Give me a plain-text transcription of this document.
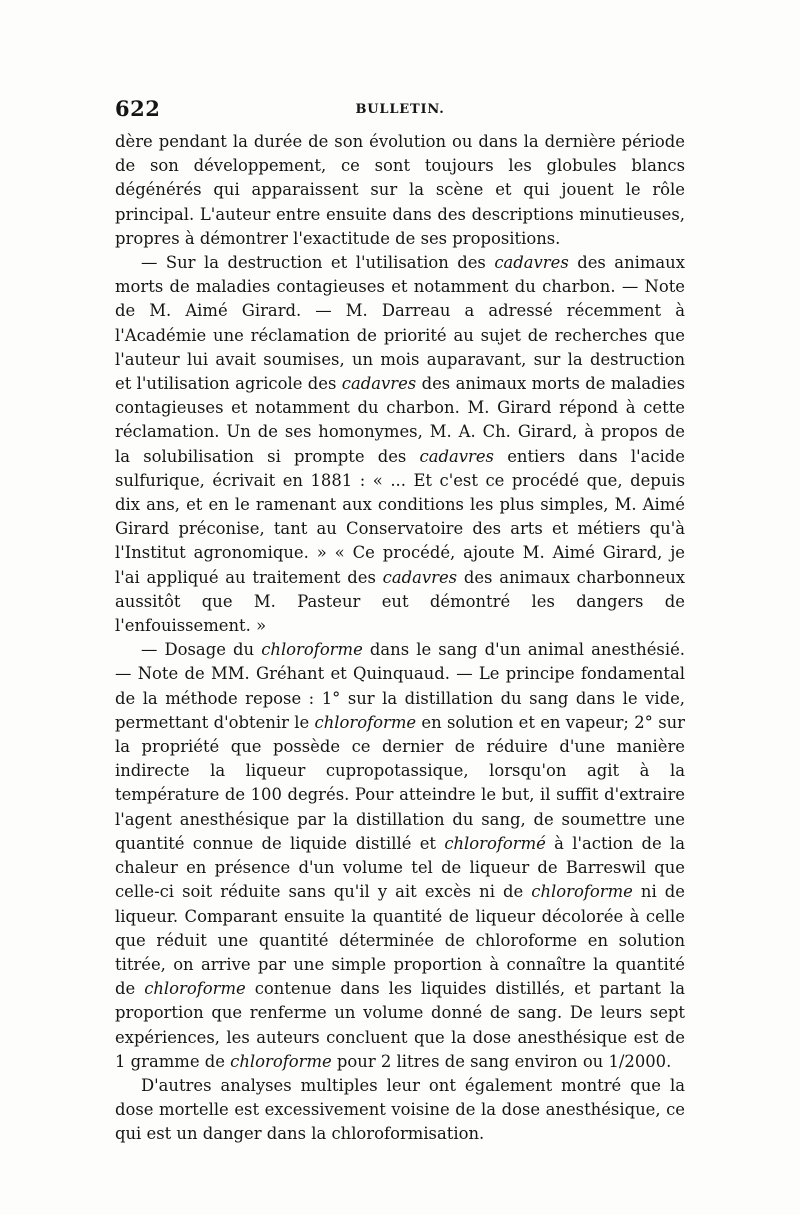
622	BULLETIN.

dère pendant la durée de son évolution ou dans la dernière période de son développement, ce sont toujours les globules blancs dégénérés qui apparaissent sur la scène et qui jouent le rôle principal. L'auteur entre ensuite dans des descriptions minutieuses, propres à démontrer l'exactitude de ses propositions.

— Sur la destruction et l'utilisation des cadavres des animaux morts de maladies contagieuses et notamment du charbon. — Note de M. Aimé Girard. — M. Darreau a adressé récemment à l'Académie une réclamation de priorité au sujet de recherches que l'auteur lui avait soumises, un mois auparavant, sur la destruction et l'utilisation agricole des cadavres des animaux morts de maladies contagieuses et notamment du charbon. M. Girard répond à cette réclamation. Un de ses homonymes, M. A. Ch. Girard, à propos de la solubilisation si prompte des cadavres entiers dans l'acide sulfurique, écrivait en 1881 : « ... Et c'est ce procédé que, depuis dix ans, et en le ramenant aux conditions les plus simples, M. Aimé Girard préconise, tant au Conservatoire des arts et métiers qu'à l'Institut agronomique. » « Ce procédé, ajoute M. Aimé Girard, je l'ai appliqué au traitement des cadavres des animaux charbonneux aussitôt que M. Pasteur eut démontré les dangers de l'enfouissement. »

— Dosage du chloroforme dans le sang d'un animal anesthésié. — Note de MM. Gréhant et Quinquaud. — Le principe fondamental de la méthode repose : 1° sur la distillation du sang dans le vide, permettant d'obtenir le chloroforme en solution et en vapeur; 2° sur la propriété que possède ce dernier de réduire d'une manière indirecte la liqueur cupropotassique, lorsqu'on agit à la température de 100 degrés. Pour atteindre le but, il suffit d'extraire l'agent anesthésique par la distillation du sang, de soumettre une quantité connue de liquide distillé et chloroformé à l'action de la chaleur en présence d'un volume tel de liqueur de Barreswil que celle-ci soit réduite sans qu'il y ait excès ni de chloroforme ni de liqueur. Comparant ensuite la quantité de liqueur décolorée à celle que réduit une quantité déterminée de chloroforme en solution titrée, on arrive par une simple proportion à connaître la quantité de chloroforme contenue dans les liquides distillés, et partant la proportion que renferme un volume donné de sang. De leurs sept expériences, les auteurs concluent que la dose anesthésique est de 1 gramme de chloroforme pour 2 litres de sang environ ou 1/2000.

D'autres analyses multiples leur ont également montré que la dose mortelle est excessivement voisine de la dose anesthésique, ce qui est un danger dans la chloroformisation.
